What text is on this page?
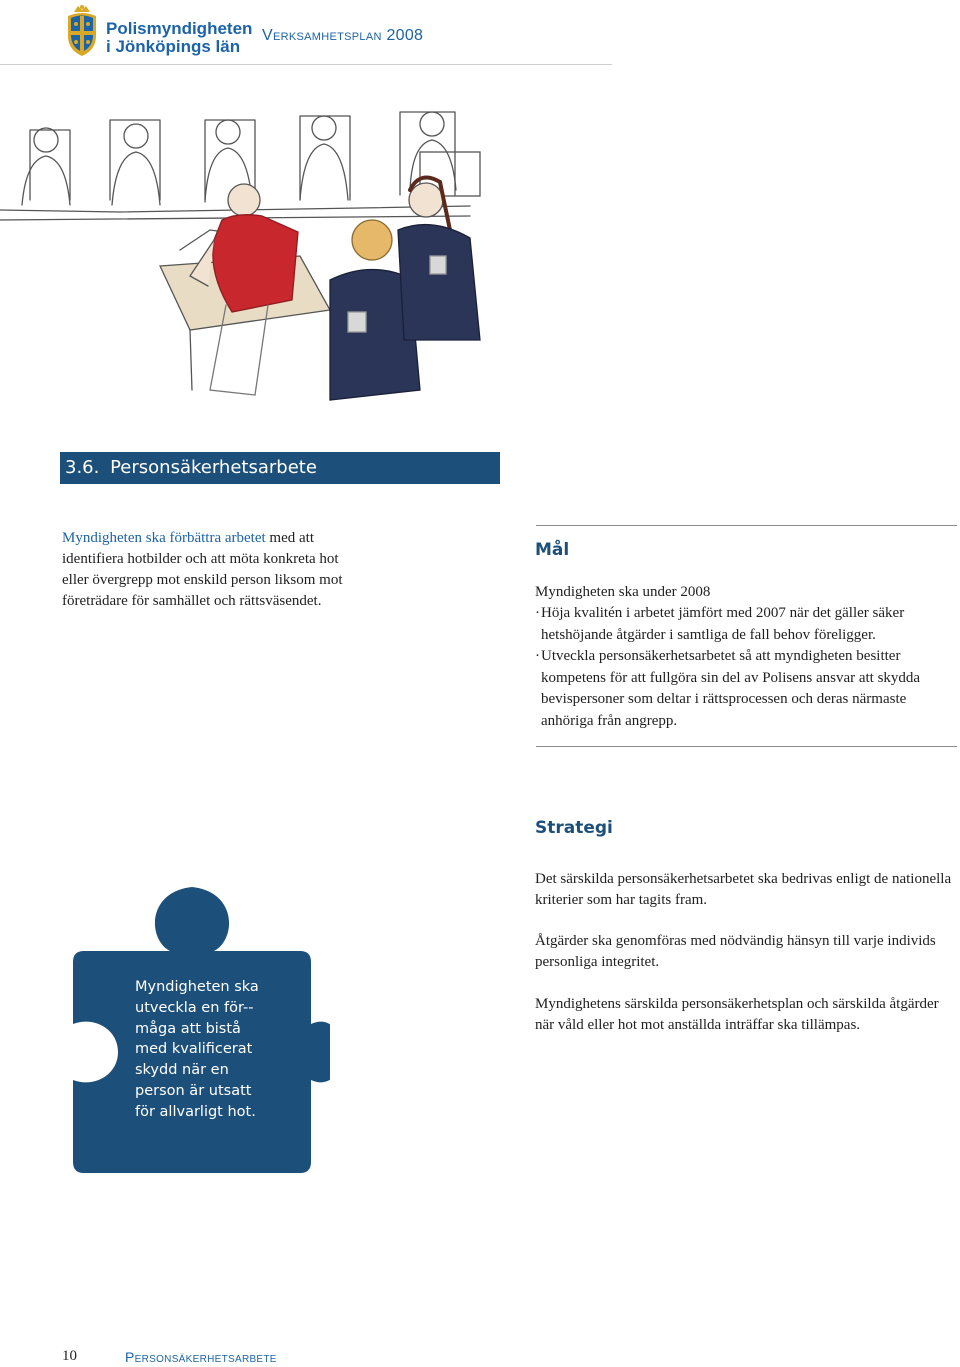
Polismyndigheten
i Jönköpings län
Verksamhetsplan 2008
3.6. Personsäkerhetsarbete
Myndigheten ska förbättra arbetet med att identifiera hotbilder och att möta konkreta hot eller övergrepp mot enskild person liksom mot företrädare för samhället och rättsväsendet.
Mål
Myndigheten ska under 2008
·Höja kvalitén i arbetet jämfört med 2007 när det gäller säker hetshöjande åtgärder i samtliga de fall behov föreligger.
·Utveckla personsäkerhetsarbetet så att myndigheten besitter kompetens för att fullgöra sin del av Polisens ansvar att skydda bevispersoner som deltar i rättsprocessen och deras närmaste anhöriga från angrepp.
Strategi
Det särskilda personsäkerhetsarbetet ska bedrivas enligt de nationella kriterier som har tagits fram.
Åtgärder ska genomföras med nödvändig hänsyn till varje individs personliga integritet.
Myndighetens särskilda personsäkerhetsplan och särskilda åtgärder när våld eller hot mot anställda inträffar ska tillämpas.
Myndigheten ska utveckla en för-måga att bistå med kvalificerat skydd när en person är utsatt för allvarligt hot.
10	Personsäkerhetsarbete
